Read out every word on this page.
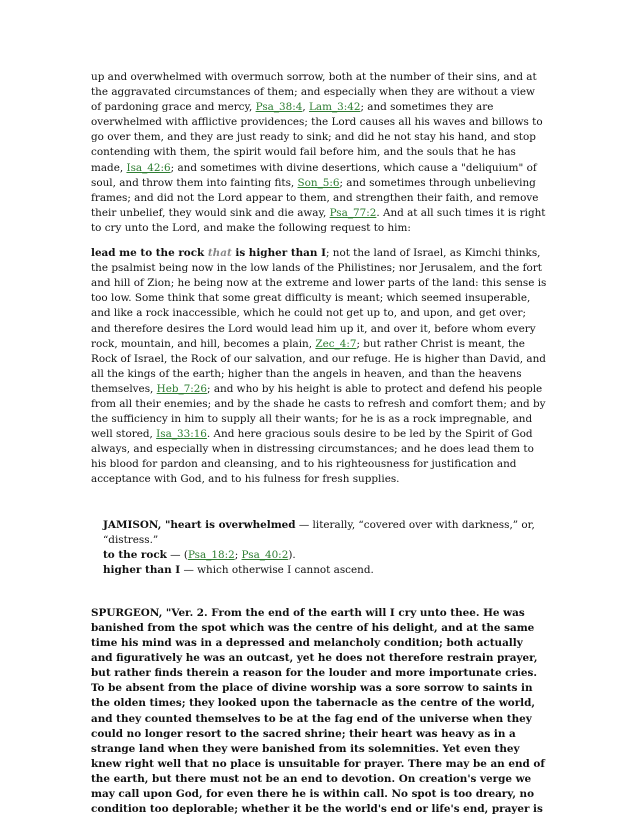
up and overwhelmed with overmuch sorrow, both at the number of their sins, and at the aggravated circumstances of them; and especially when they are without a view of pardoning grace and mercy, Psa_38:4, Lam_3:42; and sometimes they are overwhelmed with afflictive providences; the Lord causes all his waves and billows to go over them, and they are just ready to sink; and did he not stay his hand, and stop contending with them, the spirit would fail before him, and the souls that he has made, Isa_42:6; and sometimes with divine desertions, which cause a "deliquium" of soul, and throw them into fainting fits, Son_5:6; and sometimes through unbelieving frames; and did not the Lord appear to them, and strengthen their faith, and remove their unbelief, they would sink and die away, Psa_77:2. And at all such times it is right to cry unto the Lord, and make the following request to him:

lead me to the rock that is higher than I; not the land of Israel, as Kimchi thinks, the psalmist being now in the low lands of the Philistines; nor Jerusalem, and the fort and hill of Zion; he being now at the extreme and lower parts of the land: this sense is too low. Some think that some great difficulty is meant; which seemed insuperable, and like a rock inaccessible, which he could not get up to, and upon, and get over; and therefore desires the Lord would lead him up it, and over it, before whom every rock, mountain, and hill, becomes a plain, Zec_4:7; but rather Christ is meant, the Rock of Israel, the Rock of our salvation, and our refuge. He is higher than David, and all the kings of the earth; higher than the angels in heaven, and than the heavens themselves, Heb_7:26; and who by his height is able to protect and defend his people from all their enemies; and by the shade he casts to refresh and comfort them; and by the sufficiency in him to supply all their wants; for he is as a rock impregnable, and well stored, Isa_33:16. And here gracious souls desire to be led by the Spirit of God always, and especially when in distressing circumstances; and he does lead them to his blood for pardon and cleansing, and to his righteousness for justification and acceptance with God, and to his fulness for fresh supplies.

JAMISON, "heart is overwhelmed — literally, “covered over with darkness,” or, “distress.”
to the rock — (Psa_18:2; Psa_40:2).
higher than I — which otherwise I cannot ascend.

SPURGEON, "Ver. 2. From the end of the earth will I cry unto thee. He was banished from the spot which was the centre of his delight, and at the same time his mind was in a depressed and melancholy condition; both actually and figuratively he was an outcast, yet he does not therefore restrain prayer, but rather finds therein a reason for the louder and more importunate cries. To be absent from the place of divine worship was a sore sorrow to saints in the olden times; they looked upon the tabernacle as the centre of the world, and they counted themselves to be at the fag end of the universe when they could no longer resort to the sacred shrine; their heart was heavy as in a strange land when they were banished from its solemnities. Yet even they knew right well that no place is unsuitable for prayer. There may be an end of the earth, but there must not be an end to devotion. On creation's verge we may call upon God, for even there he is within call. No spot is too dreary, no condition too deplorable; whether it be the world's end or life's end, prayer is
